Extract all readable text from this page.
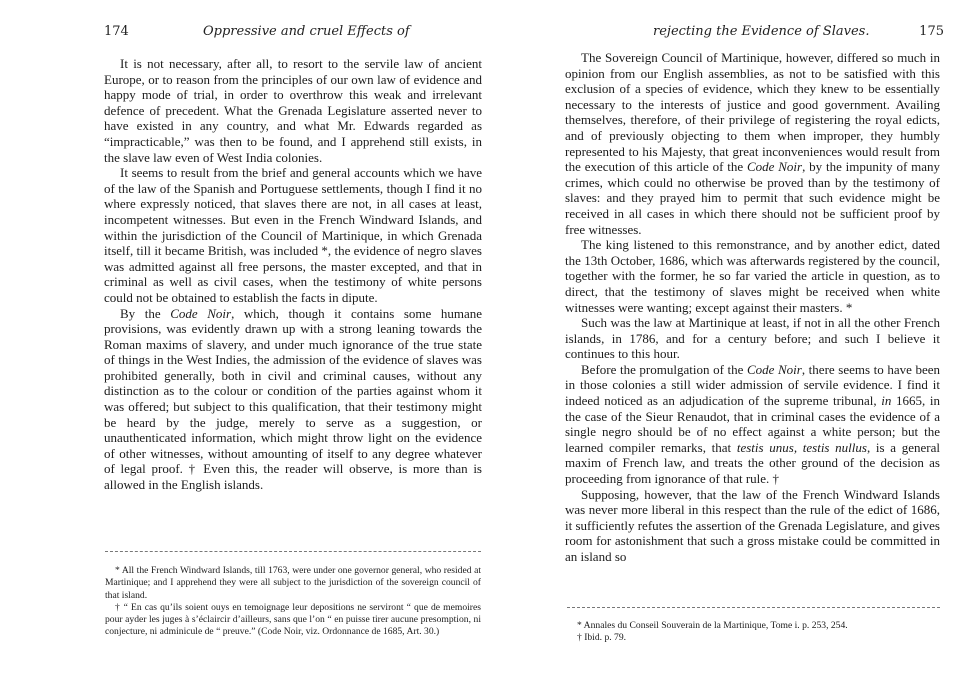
174	Oppressive and cruel Effects of

It is not necessary, after all, to resort to the servile law of ancient Europe, or to reason from the principles of our own law of evidence and happy mode of trial, in order to overthrow this weak and irrelevant defence of precedent. What the Grenada Legislature asserted never to have existed in any country, and what Mr. Edwards regarded as “impracticable,” was then to be found, and I apprehend still exists, in the slave law even of West India colonies.

It seems to result from the brief and general accounts which we have of the law of the Spanish and Portuguese settlements, though I find it no where expressly noticed, that slaves there are not, in all cases at least, incompetent witnesses. But even in the French Windward Islands, and within the jurisdiction of the Council of Martinique, in which Grenada itself, till it became British, was included *, the evidence of negro slaves was admitted against all free persons, the master excepted, and that in criminal as well as civil cases, when the testimony of white persons could not be obtained to establish the facts in dipute.

By the Code Noir, which, though it contains some humane provisions, was evidently drawn up with a strong leaning towards the Roman maxims of slavery, and under much ignorance of the true state of things in the West Indies, the admission of the evidence of slaves was prohibited generally, both in civil and criminal causes, without any distinction as to the colour or condition of the parties against whom it was offered; but subject to this qualification, that their testimony might be heard by the judge, merely to serve as a suggestion, or unauthenticated information, which might throw light on the evidence of other witnesses, without amounting of itself to any degree whatever of legal proof. † Even this, the reader will observe, is more than is allowed in the English islands.

* All the French Windward Islands, till 1763, were under one governor general, who resided at Martinique; and I apprehend they were all subject to the jurisdiction of the sovereign council of that island.

† “ En cas qu’ils soient ouys en temoignage leur depositions ne serviront “ que de memoires pour ayder les juges à s’éclaircir d’ailleurs, sans que l’on “ en puisse tirer aucune presomption, ni conjecture, ni adminicule de “ preuve.” (Code Noir, viz. Ordonnance de 1685, Art. 30.)

rejecting the Evidence of Slaves.	175

The Sovereign Council of Martinique, however, differed so much in opinion from our English assemblies, as not to be satisfied with this exclusion of a species of evidence, which they knew to be essentially necessary to the interests of justice and good government. Availing themselves, therefore, of their privilege of registering the royal edicts, and of previously objecting to them when improper, they humbly represented to his Majesty, that great inconveniences would result from the execution of this article of the Code Noir, by the impunity of many crimes, which could no otherwise be proved than by the testimony of slaves: and they prayed him to permit that such evidence might be received in all cases in which there should not be sufficient proof by free witnesses.

The king listened to this remonstrance, and by another edict, dated the 13th October, 1686, which was afterwards registered by the council, together with the former, he so far varied the article in question, as to direct, that the testimony of slaves might be received when white witnesses were wanting; except against their masters. *

Such was the law at Martinique at least, if not in all the other French islands, in 1786, and for a century before; and such I believe it continues to this hour.

Before the promulgation of the Code Noir, there seems to have been in those colonies a still wider admission of servile evidence. I find it indeed noticed as an adjudication of the supreme tribunal, in 1665, in the case of the Sieur Renaudot, that in criminal cases the evidence of a single negro should be of no effect against a white person; but the learned compiler remarks, that testis unus, testis nullus, is a general maxim of French law, and treats the other ground of the decision as proceeding from ignorance of that rule. †

Supposing, however, that the law of the French Windward Islands was never more liberal in this respect than the rule of the edict of 1686, it sufficiently refutes the assertion of the Grenada Legislature, and gives room for astonishment that such a gross mistake could be committed in an island so

* Annales du Conseil Souverain de la Martinique, Tome i. p. 253, 254.

† Ibid. p. 79.
